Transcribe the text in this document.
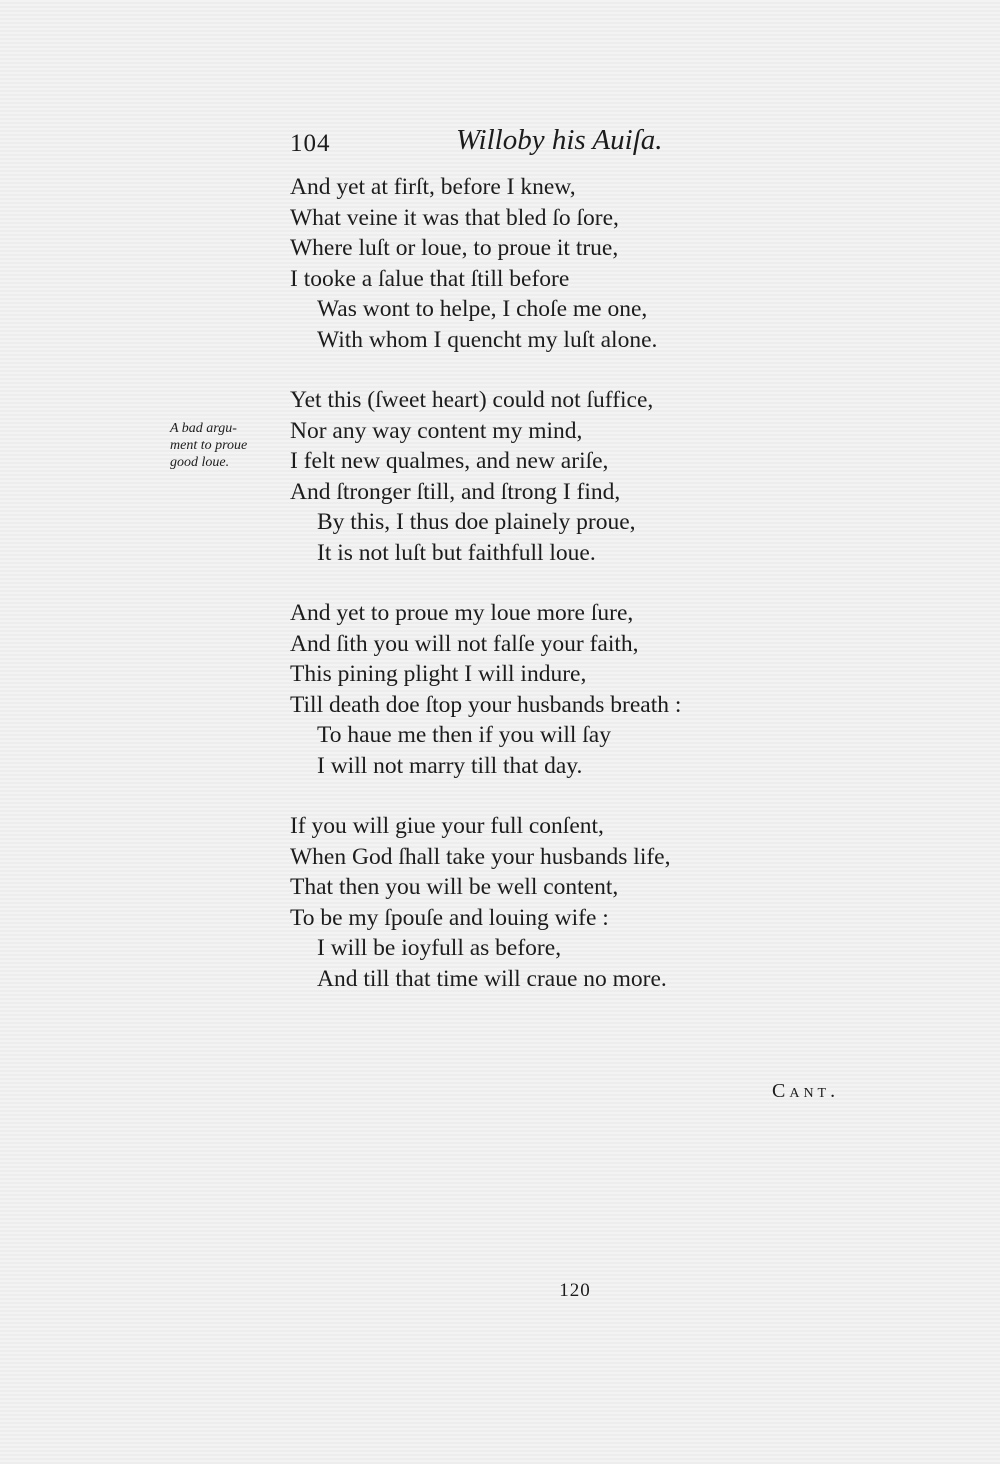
104	Willoby his Auiſa.
A bad argu-
ment to proue
good loue.
And yet at firſt, before I knew,
What veine it was that bled ſo ſore,
Where luſt or loue, to proue it true,
I tooke a ſalue that ſtill before
Was wont to helpe, I choſe me one,
With whom I quencht my luſt alone.
Yet this (ſweet heart) could not ſuffice,
Nor any way content my mind,
I felt new qualmes, and new ariſe,
And ſtronger ſtill, and ſtrong I find,
By this, I thus doe plainely proue,
It is not luſt but faithfull loue.
And yet to proue my loue more ſure,
And ſith you will not falſe your faith,
This pining plight I will indure,
Till death doe ſtop your husbands breath :
To haue me then if you will ſay
I will not marry till that day.
If you will giue your full conſent,
When God ſhall take your husbands life,
That then you will be well content,
To be my ſpouſe and louing wife :
I will be ioyfull as before,
And till that time will craue no more.
Cant.
120
